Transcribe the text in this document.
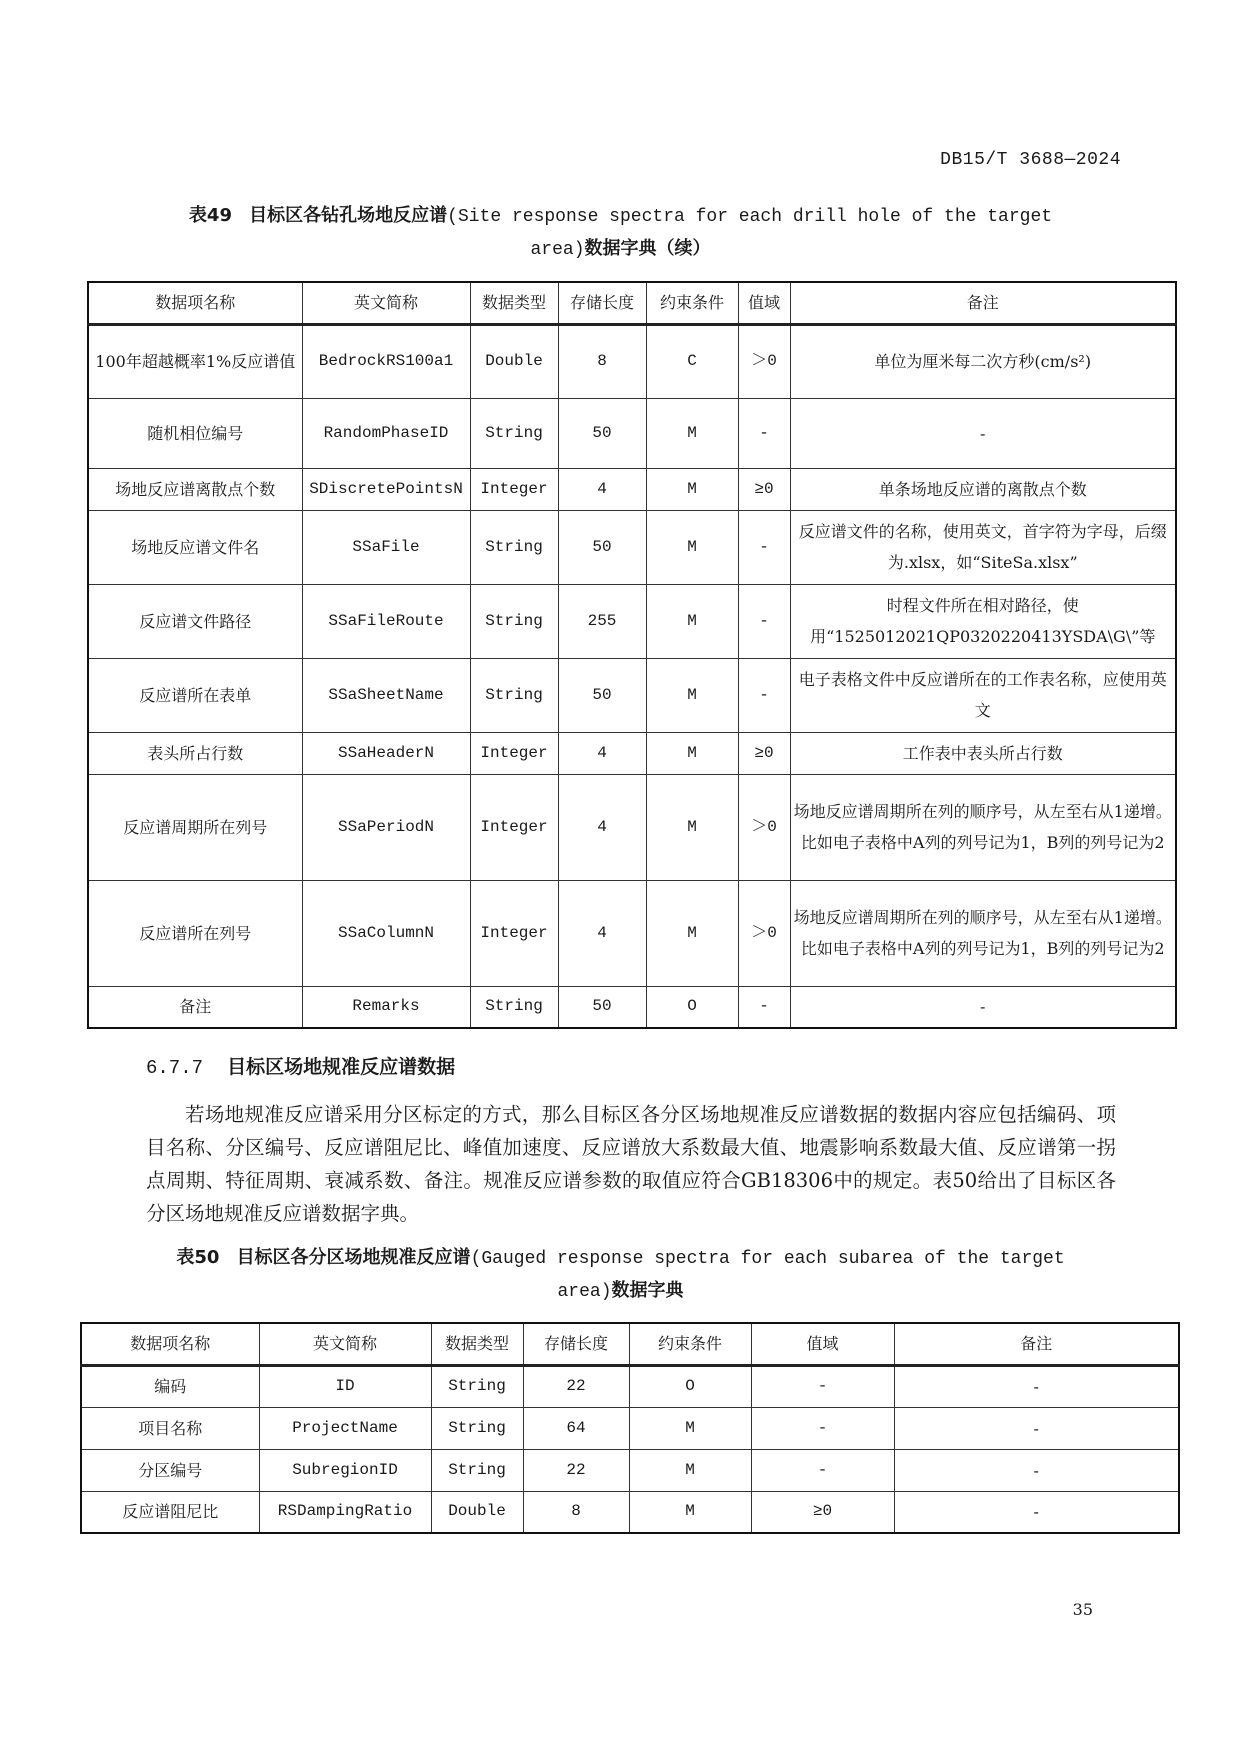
DB15/T 3688—2024
表49 目标区各钻孔场地反应谱(Site response spectra for each drill hole of the target area)数据字典（续）
数据项名称	英文简称	数据类型	存储长度	约束条件	值域	备注
100年超越概率1%反应谱值	BedrockRS100a1	Double	8	C	＞0	单位为厘米每二次方秒(cm/s²)
随机相位编号	RandomPhaseID	String	50	M	-	-
场地反应谱离散点个数	SDiscretePointsN	Integer	4	M	≥0	单条场地反应谱的离散点个数
场地反应谱文件名	SSaFile	String	50	M	-	反应谱文件的名称，使用英文，首字符为字母，后缀为.xlsx，如“SiteSa.xlsx”
反应谱文件路径	SSaFileRoute	String	255	M	-	时程文件所在相对路径，使用“1525012021QP0320220413YSDA\G\”等
反应谱所在表单	SSaSheetName	String	50	M	-	电子表格文件中反应谱所在的工作表名称，应使用英文
表头所占行数	SSaHeaderN	Integer	4	M	≥0	工作表中表头所占行数
反应谱周期所在列号	SSaPeriodN	Integer	4	M	＞0	场地反应谱周期所在列的顺序号，从左至右从1递增。比如电子表格中A列的列号记为1，B列的列号记为2
反应谱所在列号	SSaColumnN	Integer	4	M	＞0	场地反应谱周期所在列的顺序号，从左至右从1递增。比如电子表格中A列的列号记为1，B列的列号记为2
备注	Remarks	String	50	O	-	-
6.7.7 目标区场地规准反应谱数据
若场地规准反应谱采用分区标定的方式，那么目标区各分区场地规准反应谱数据的数据内容应包括编码、项目名称、分区编号、反应谱阻尼比、峰值加速度、反应谱放大系数最大值、地震影响系数最大值、反应谱第一拐点周期、特征周期、衰减系数、备注。规准反应谱参数的取值应符合GB18306中的规定。表50给出了目标区各分区场地规准反应谱数据字典。
表50 目标区各分区场地规准反应谱(Gauged response spectra for each subarea of the target area)数据字典
数据项名称	英文简称	数据类型	存储长度	约束条件	值域	备注
编码	ID	String	22	O	-	-
项目名称	ProjectName	String	64	M	-	-
分区编号	SubregionID	String	22	M	-	-
反应谱阻尼比	RSDampingRatio	Double	8	M	≥0	-
35
